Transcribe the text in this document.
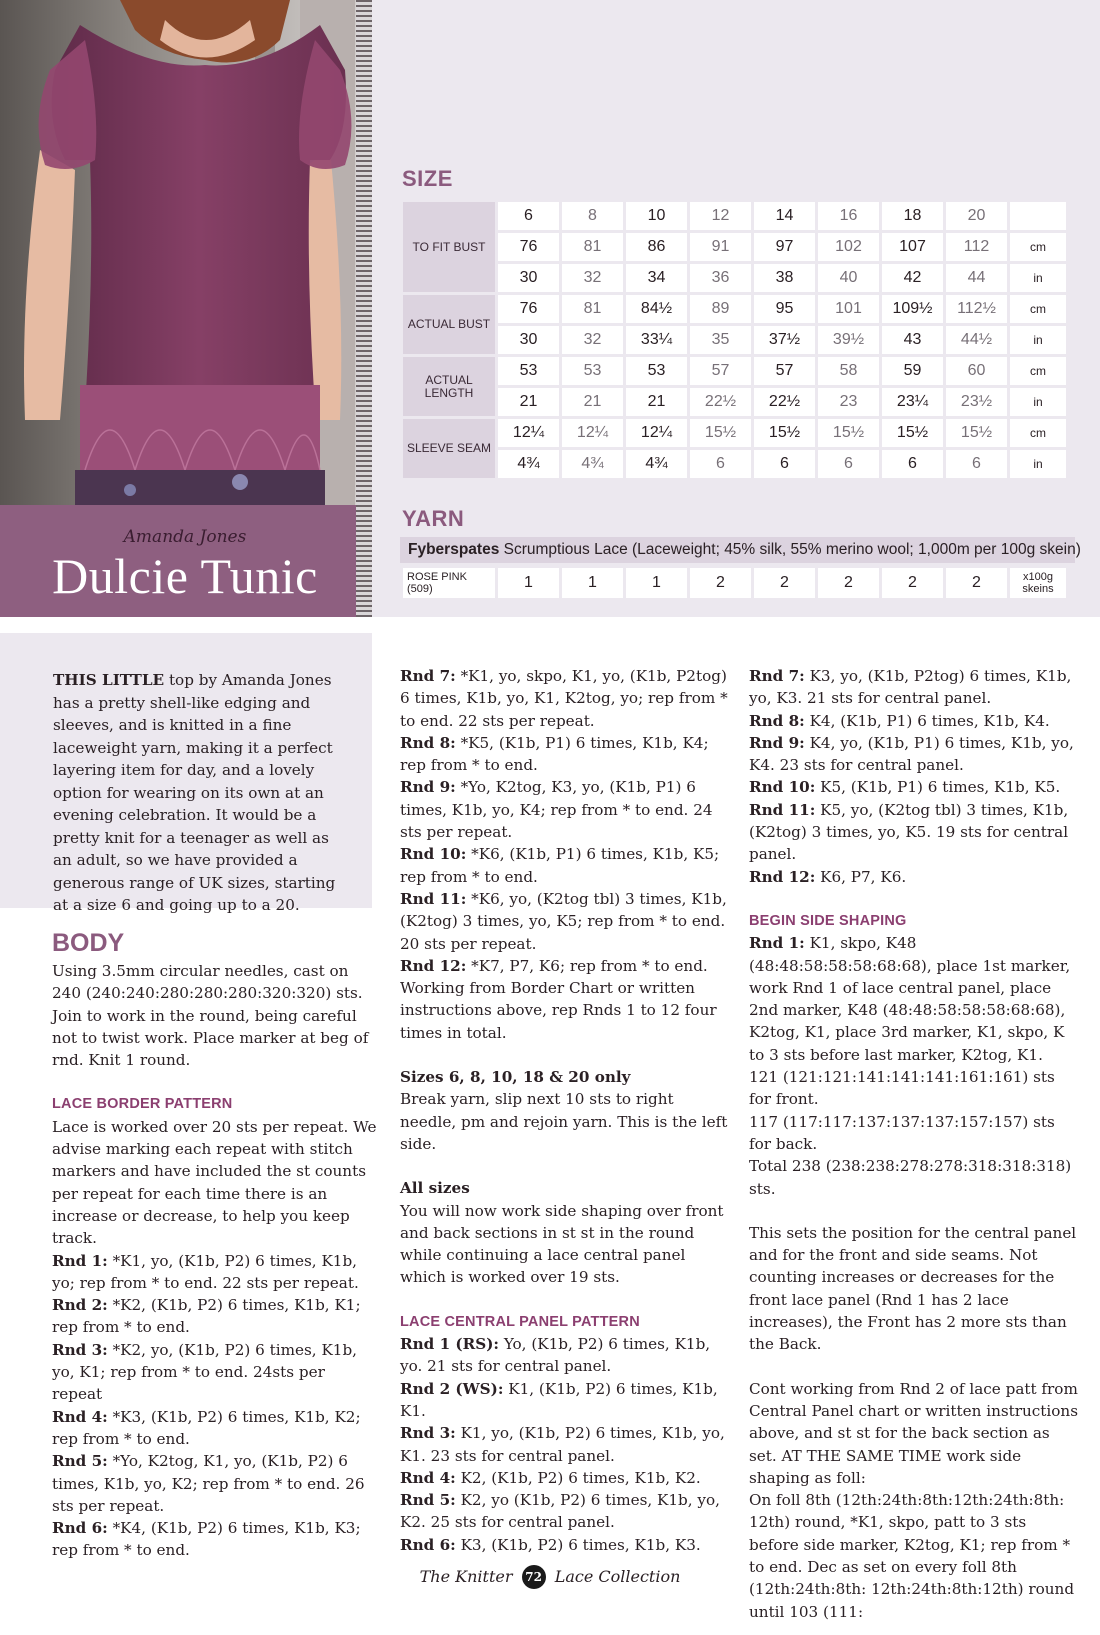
Amanda Jones
Dulcie Tunic
SIZE
TO FIT BUST	6	8	10	12	14	16	18	20	
	76	81	86	91	97	102	107	112	cm
	30	32	34	36	38	40	42	44	in
ACTUAL BUST	76	81	84½	89	95	101	109½	112½	cm
	30	32	33¼	35	37½	39½	43	44½	in
ACTUAL LENGTH	53	53	53	57	57	58	59	60	cm
	21	21	21	22½	22½	23	23¼	23½	in
SLEEVE SEAM	12¼	12¼	12¼	15½	15½	15½	15½	15½	cm
	4¾	4¾	4¾	6	6	6	6	6	in
YARN
Fyberspates Scrumptious Lace (Laceweight; 45% silk, 55% merino wool; 1,000m per 100g skein)
ROSE PINK (509)	1	1	1	2	2	2	2	2	x100g skeins
THIS LITTLE top by Amanda Jones has a pretty shell-like edging and sleeves, and is knitted in a fine laceweight yarn, making it a perfect layering item for day, and a lovely option for wearing on its own at an evening celebration. It would be a pretty knit for a teenager as well as an adult, so we have provided a generous range of UK sizes, starting at a size 6 and going up to a 20.
BODY

Using 3.5mm circular needles, cast on 240 (240:240:280:280:280:320:320) sts. Join to work in the round, being careful not to twist work. Place marker at beg of rnd. Knit 1 round.

LACE BORDER PATTERN

Lace is worked over 20 sts per repeat. We advise marking each repeat with stitch markers and have included the st counts per repeat for each time there is an increase or decrease, to help you keep track.

Rnd 1: *K1, yo, (K1b, P2) 6 times, K1b, yo; rep from * to end. 22 sts per repeat.

Rnd 2: *K2, (K1b, P2) 6 times, K1b, K1; rep from * to end.

Rnd 3: *K2, yo, (K1b, P2) 6 times, K1b, yo, K1; rep from * to end. 24sts per repeat

Rnd 4: *K3, (K1b, P2) 6 times, K1b, K2; rep from * to end.

Rnd 5: *Yo, K2tog, K1, yo, (K1b, P2) 6 times, K1b, yo, K2; rep from * to end. 26 sts per repeat.

Rnd 6: *K4, (K1b, P2) 6 times, K1b, K3; rep from * to end.

Rnd 7: *K1, yo, skpo, K1, yo, (K1b, P2tog) 6 times, K1b, yo, K1, K2tog, yo; rep from * to end. 22 sts per repeat.

Rnd 8: *K5, (K1b, P1) 6 times, K1b, K4; rep from * to end.

Rnd 9: *Yo, K2tog, K3, yo, (K1b, P1) 6 times, K1b, yo, K4; rep from * to end. 24 sts per repeat.

Rnd 10: *K6, (K1b, P1) 6 times, K1b, K5; rep from * to end.

Rnd 11: *K6, yo, (K2tog tbl) 3 times, K1b, (K2tog) 3 times, yo, K5; rep from * to end. 20 sts per repeat.

Rnd 12: *K7, P7, K6; rep from * to end.

Working from Border Chart or written instructions above, rep Rnds 1 to 12 four times in total.

Sizes 6, 8, 10, 18 & 20 only

Break yarn, slip next 10 sts to right needle, pm and rejoin yarn. This is the left side.

All sizes

You will now work side shaping over front and back sections in st st in the round while continuing a lace central panel which is worked over 19 sts.

LACE CENTRAL PANEL PATTERN

Rnd 1 (RS): Yo, (K1b, P2) 6 times, K1b, yo. 21 sts for central panel.

Rnd 2 (WS): K1, (K1b, P2) 6 times, K1b, K1.

Rnd 3: K1, yo, (K1b, P2) 6 times, K1b, yo, K1. 23 sts for central panel.

Rnd 4: K2, (K1b, P2) 6 times, K1b, K2.

Rnd 5: K2, yo (K1b, P2) 6 times, K1b, yo, K2. 25 sts for central panel.

Rnd 6: K3, (K1b, P2) 6 times, K1b, K3.

Rnd 7: K3, yo, (K1b, P2tog) 6 times, K1b, yo, K3. 21 sts for central panel.

Rnd 8: K4, (K1b, P1) 6 times, K1b, K4.

Rnd 9: K4, yo, (K1b, P1) 6 times, K1b, yo, K4. 23 sts for central panel.

Rnd 10: K5, (K1b, P1) 6 times, K1b, K5.

Rnd 11: K5, yo, (K2tog tbl) 3 times, K1b, (K2tog) 3 times, yo, K5. 19 sts for central panel.

Rnd 12: K6, P7, K6.

BEGIN SIDE SHAPING

Rnd 1: K1, skpo, K48 (48:48:58:58:58:68:68), place 1st marker, work Rnd 1 of lace central panel, place 2nd marker, K48 (48:48:58:58:58:68:68), K2tog, K1, place 3rd marker, K1, skpo, K to 3 sts before last marker, K2tog, K1.

121 (121:121:141:141:141:161:161) sts for front.

117 (117:117:137:137:137:157:157) sts for back.

Total 238 (238:238:278:278:318:318:318) sts.

This sets the position for the central panel and for the front and side seams. Not counting increases or decreases for the front lace panel (Rnd 1 has 2 lace increases), the Front has 2 more sts than the Back.

Cont working from Rnd 2 of lace patt from Central Panel chart or written instructions above, and st st for the back section as set. AT THE SAME TIME work side shaping as foll:

On foll 8th (12th:24th:8th:12th:24th:8th: 12th) round, *K1, skpo, patt to 3 sts before side marker, K2tog, K1; rep from * to end. Dec as set on every foll 8th (12th:24th:8th: 12th:24th:8th:12th) round until 103 (111:

The Knitter 72 Lace Collection
